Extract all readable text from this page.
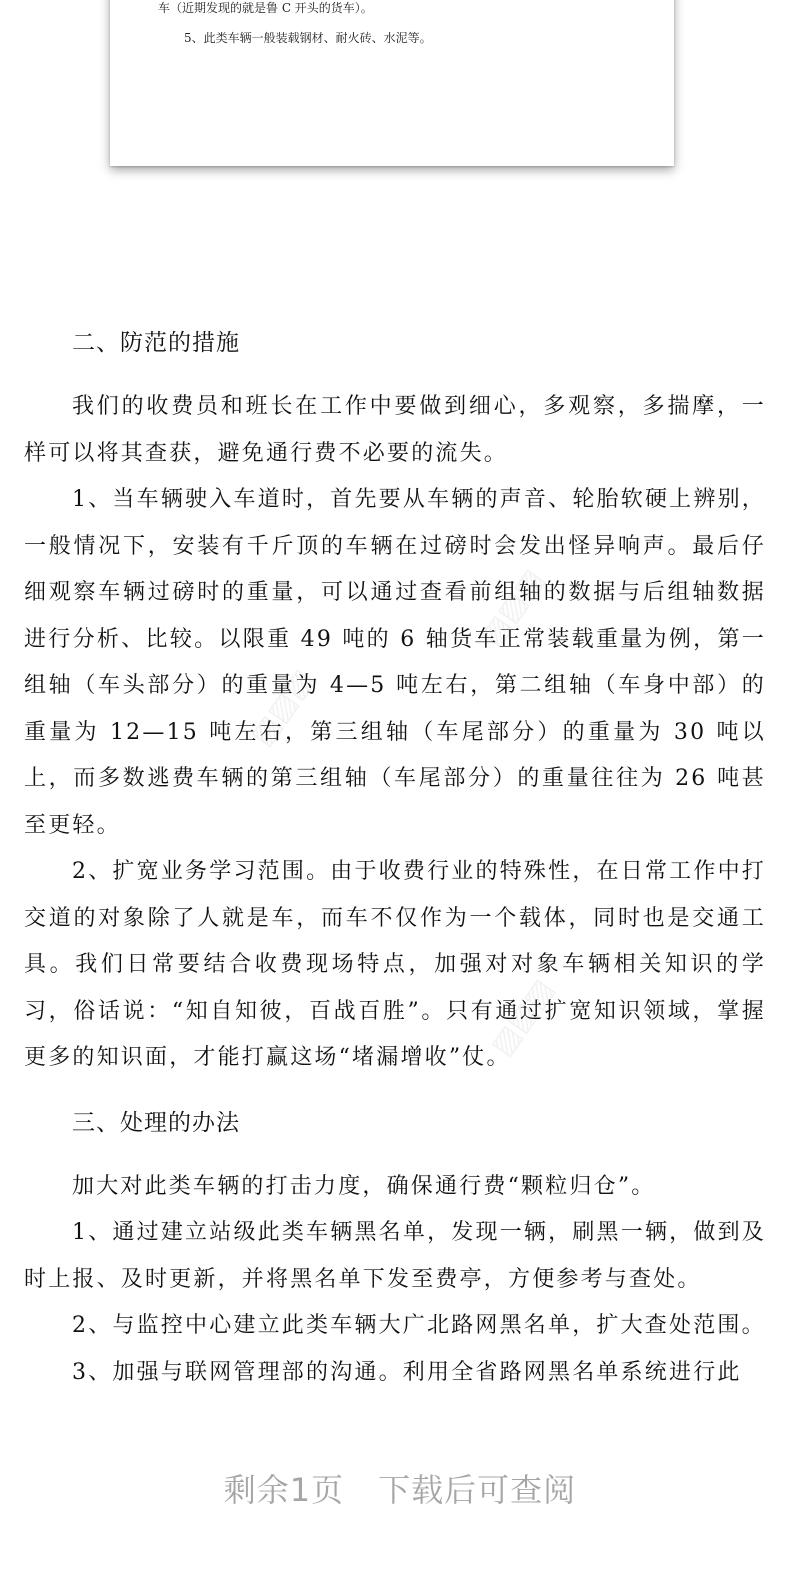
车（近期发现的就是鲁 C 开头的货车）。
5、此类车辆一般装载钢材、耐火砖、水泥等。
▨▨▨
▨▨▨
▨▨▨
二、防范的措施

我们的收费员和班长在工作中要做到细心，多观察，多揣摩，一样可以将其查获，避免通行费不必要的流失。

1、当车辆驶入车道时，首先要从车辆的声音、轮胎软硬上辨别，一般情况下，安装有千斤顶的车辆在过磅时会发出怪异响声。最后仔细观察车辆过磅时的重量，可以通过查看前组轴的数据与后组轴数据进行分析、比较。以限重 49 吨的 6 轴货车正常装载重量为例，第一组轴（车头部分）的重量为 4—5 吨左右，第二组轴（车身中部）的重量为 12—15 吨左右，第三组轴（车尾部分）的重量为 30 吨以上，而多数逃费车辆的第三组轴（车尾部分）的重量往往为 26 吨甚至更轻。

2、扩宽业务学习范围。由于收费行业的特殊性，在日常工作中打交道的对象除了人就是车，而车不仅作为一个载体，同时也是交通工具。我们日常要结合收费现场特点，加强对对象车辆相关知识的学习，俗话说：“知自知彼，百战百胜”。只有通过扩宽知识领域，掌握更多的知识面，才能打赢这场“堵漏增收”仗。

三、处理的办法

加大对此类车辆的打击力度，确保通行费“颗粒归仓”。

1、通过建立站级此类车辆黑名单，发现一辆，刷黑一辆，做到及时上报、及时更新，并将黑名单下发至费亭，方便参考与查处。

2、与监控中心建立此类车辆大广北路网黑名单，扩大查处范围。

3、加强与联网管理部的沟通。利用全省路网黑名单系统进行此

剩余1页 下载后可查阅
